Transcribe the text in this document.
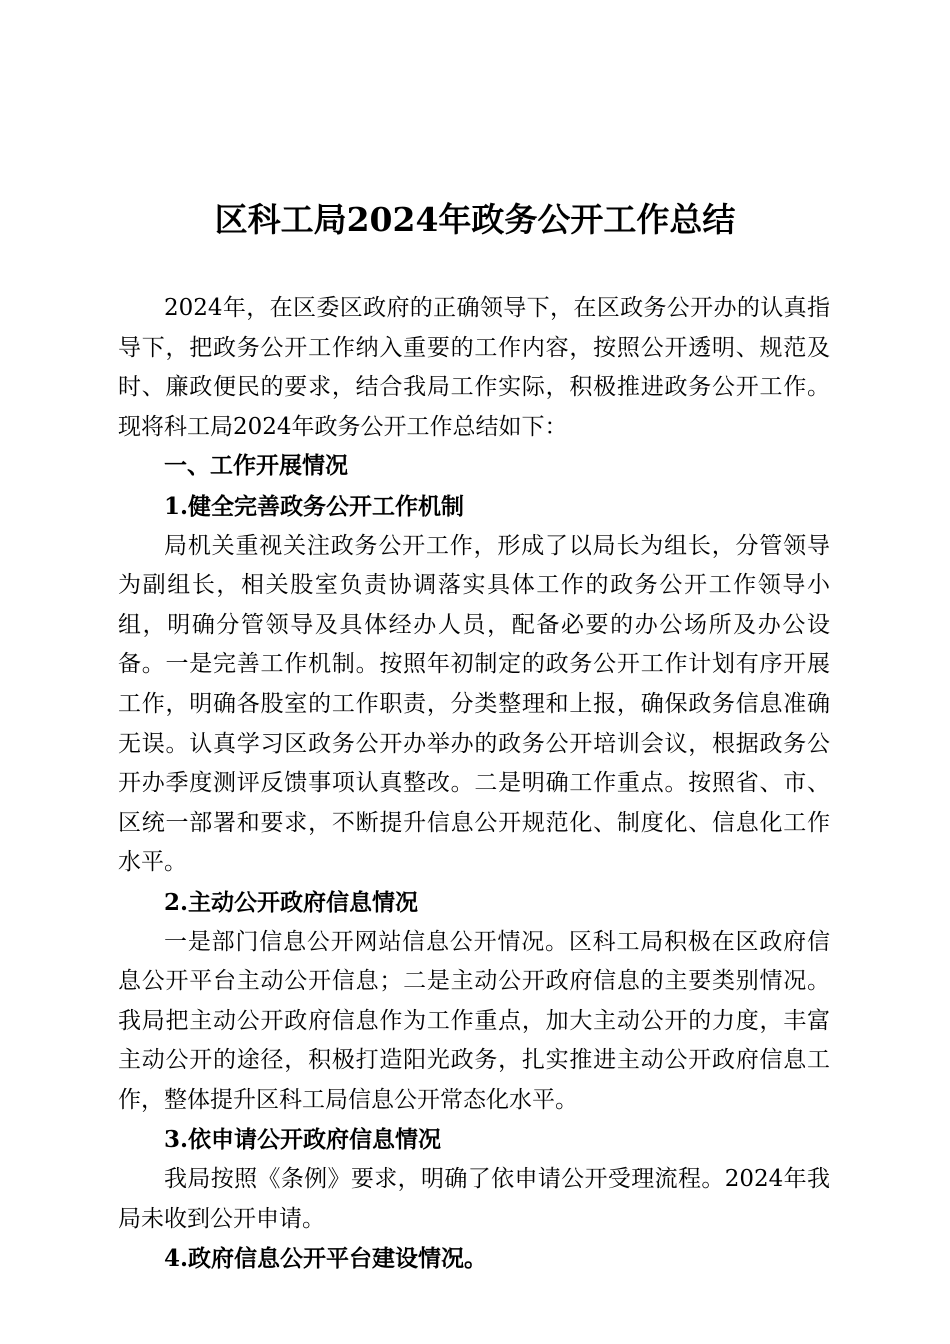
区科工局2024年政务公开工作总结

2024年，在区委区政府的正确领导下，在区政务公开办的认真指导下，把政务公开工作纳入重要的工作内容，按照公开透明、规范及时、廉政便民的要求，结合我局工作实际，积极推进政务公开工作。现将科工局2024年政务公开工作总结如下：

一、工作开展情况

1.健全完善政务公开工作机制

局机关重视关注政务公开工作，形成了以局长为组长，分管领导为副组长，相关股室负责协调落实具体工作的政务公开工作领导小组，明确分管领导及具体经办人员，配备必要的办公场所及办公设备。一是完善工作机制。按照年初制定的政务公开工作计划有序开展工作，明确各股室的工作职责，分类整理和上报，确保政务信息准确无误。认真学习区政务公开办举办的政务公开培训会议，根据政务公开办季度测评反馈事项认真整改。二是明确工作重点。按照省、市、区统一部署和要求，不断提升信息公开规范化、制度化、信息化工作水平。

2.主动公开政府信息情况

一是部门信息公开网站信息公开情况。区科工局积极在区政府信息公开平台主动公开信息；二是主动公开政府信息的主要类别情况。我局把主动公开政府信息作为工作重点，加大主动公开的力度，丰富主动公开的途径，积极打造阳光政务，扎实推进主动公开政府信息工作，整体提升区科工局信息公开常态化水平。

3.依申请公开政府信息情况

我局按照《条例》要求，明确了依申请公开受理流程。2024年我局未收到公开申请。

4.政府信息公开平台建设情况。
